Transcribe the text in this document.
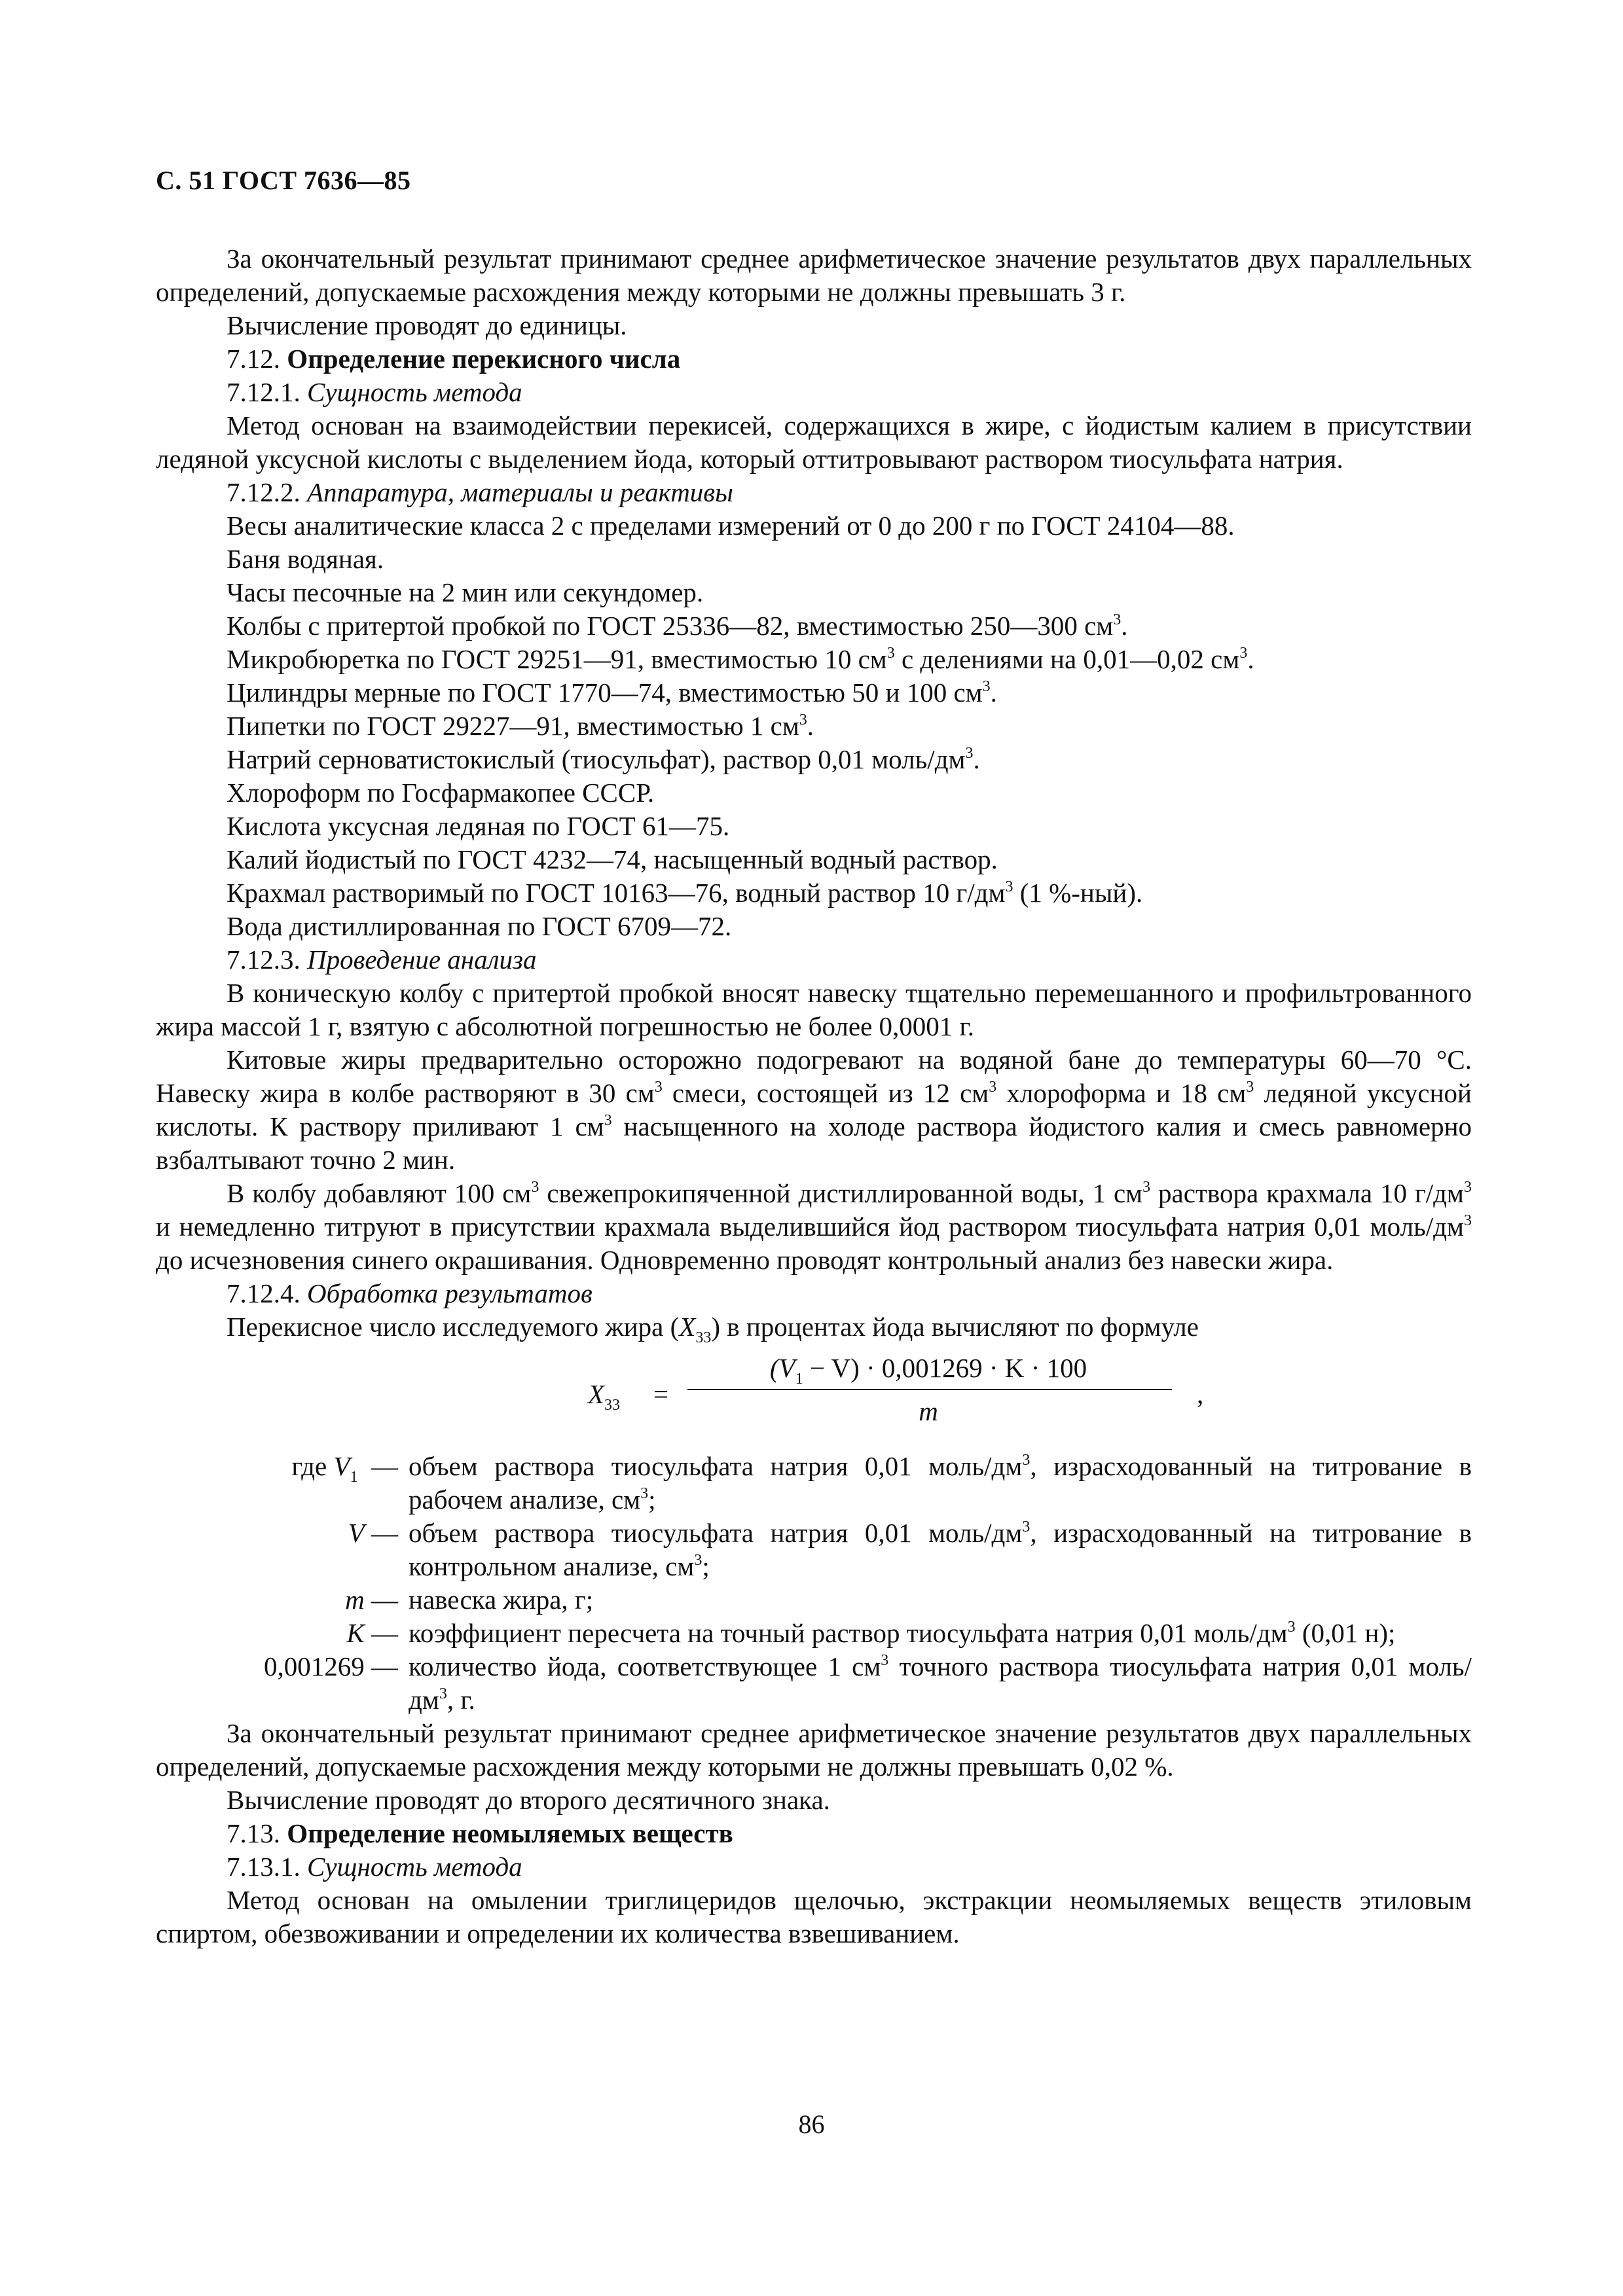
С. 51 ГОСТ 7636—85

За окончательный результат принимают среднее арифметическое значение результатов двух параллельных определений, допускаемые расхождения между которыми не должны превышать 3 г.

Вычисление проводят до единицы.

7.12. Определение перекисного числа

7.12.1. Сущность метода

Метод основан на взаимодействии перекисей, содержащихся в жире, с йодистым калием в присутствии ледяной уксусной кислоты с выделением йода, который оттитровывают раствором тиосульфата натрия.

7.12.2. Аппаратура, материалы и реактивы

Весы аналитические класса 2 с пределами измерений от 0 до 200 г по ГОСТ 24104—88.

Баня водяная.

Часы песочные на 2 мин или секундомер.

Колбы с притертой пробкой по ГОСТ 25336—82, вместимостью 250—300 $см^3$.

Микробюретка по ГОСТ 29251—91, вместимостью 10 $см^3$ с делениями на 0,01—0,02 $см^3$.

Цилиндры мерные по ГОСТ 1770—74, вместимостью 50 и 100 $см^3$.

Пипетки по ГОСТ 29227—91, вместимостью 1 $см^3$.

Натрий серноватистокислый (тиосульфат), раствор 0,01 моль/$дм^3$.

Хлороформ по Госфармакопее СССР.

Кислота уксусная ледяная по ГОСТ 61—75.

Калий йодистый по ГОСТ 4232—74, насыщенный водный раствор.

Крахмал растворимый по ГОСТ 10163—76, водный раствор 10 $г/дм^3$ (1 %-ный).

Вода дистиллированная по ГОСТ 6709—72.

7.12.3. Проведение анализа

В коническую колбу с притертой пробкой вносят навеску тщательно перемешанного и профильтрованного жира массой 1 г, взятую с абсолютной погрешностью не более 0,0001 г.

Китовые жиры предварительно осторожно подогревают на водяной бане до температуры 60—70 °С. Навеску жира в колбе растворяют в 30 $см^3$ смеси, состоящей из 12 $см^3$ хлороформа и 18 $см^3$ ледяной уксусной кислоты. К раствору приливают 1 $см^3$ насыщенного на холоде раствора йодистого калия и смесь равномерно взбалтывают точно 2 мин.

В колбу добавляют 100 $см^3$ свежепрокипяченной дистиллированной воды, 1 $см^3$ раствора крахмала 10 $г/дм^3$ и немедленно титруют в присутствии крахмала выделившийся йод раствором тиосульфата натрия 0,01 моль/$дм^3$ до исчезновения синего окрашивания. Одновременно проводят контрольный анализ без навески жира.

7.12.4. Обработка результатов

Перекисное число исследуемого жира $(X_{33})$ в процентах йода вычисляют по формуле

$X_{33}$ =
$(V_1 - V) \cdot 0,001269 \cdot K \cdot 100$
m
,
где $V_1$ — объем раствора тиосульфата натрия 0,01 моль/$дм^3$, израсходованный на титрование в рабочем анализе, $см^3$;
V — объем раствора тиосульфата натрия 0,01 моль/$дм^3$, израсходованный на титрование в контрольном анализе, $см^3$;
m — навеска жира, г;
K — коэффициент пересчета на точный раствор тиосульфата натрия 0,01 моль/$дм^3$ (0,01 н);
0,001269 — количество йода, соответствующее 1 $см^3$ точного раствора тиосульфата натрия 0,01 моль/$дм^3$, г.

За окончательный результат принимают среднее арифметическое значение результатов двух параллельных определений, допускаемые расхождения между которыми не должны превышать 0,02 %.

Вычисление проводят до второго десятичного знака.

7.13. Определение неомыляемых веществ

7.13.1. Сущность метода

Метод основан на омылении триглицеридов щелочью, экстракции неомыляемых веществ этиловым спиртом, обезвоживании и определении их количества взвешиванием.

86
